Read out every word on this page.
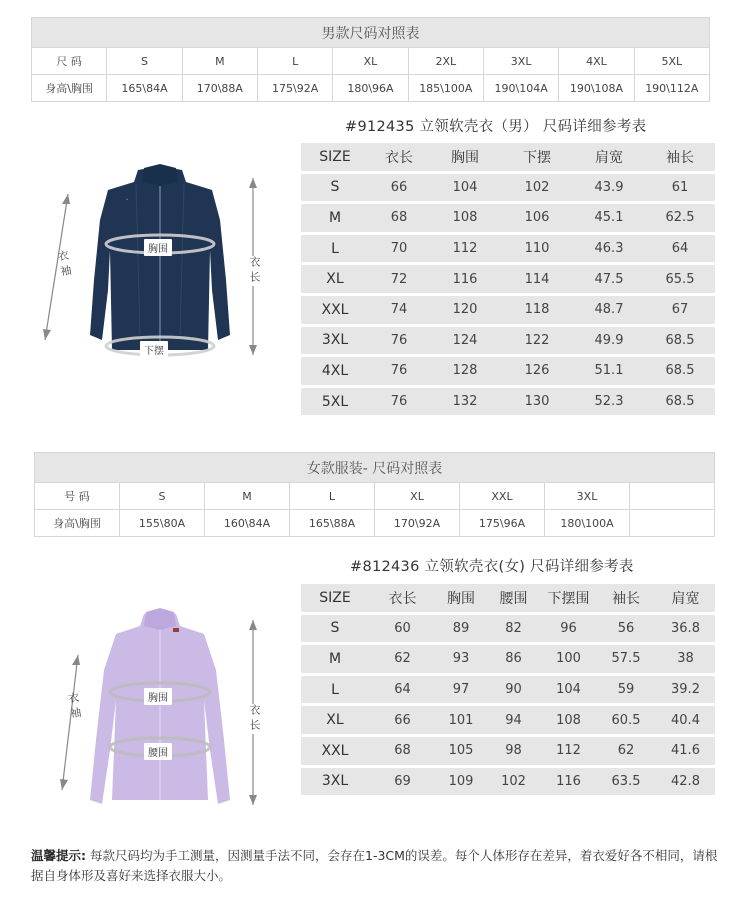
男款尺码对照表								
尺 码	S	M	L	XL	2XL	3XL	4XL	5XL
身高\胸围	165\84A	170\88A	175\92A	180\96A	185\100A	190\104A	190\108A	190\112A
#912435 立领软壳衣（男） 尺码详细参考表
ᐩ
胸围
下摆
衣袖	衣长
SIZE	衣长	胸围	下摆	肩宽	袖长
S	66	104	102	43.9	61
M	68	108	106	45.1	62.5
L	70	112	110	46.3	64
XL	72	116	114	47.5	65.5
XXL	74	120	118	48.7	67
3XL	76	124	122	49.9	68.5
4XL	76	128	126	51.1	68.5
5XL	76	132	130	52.3	68.5
女款服装- 尺码对照表							
号 码	S	M	L	XL	XXL	3XL	
身高\胸围	155\80A	160\84A	165\88A	170\92A	175\96A	180\100A	
#812436 立领软壳衣(女) 尺码详细参考表
胸围
腰围
衣袖	衣长
SIZE	衣长	胸围	腰围	下摆围	袖长	肩宽
S	60	89	82	96	56	36.8
M	62	93	86	100	57.5	38
L	64	97	90	104	59	39.2
XL	66	101	94	108	60.5	40.4
XXL	68	105	98	112	62	41.6
3XL	69	109	102	116	63.5	42.8
温馨提示: 每款尺码均为手工测量，因测量手法不同，会存在1-3CM的误差。每个人体形存在差异，着衣爱好各不相同，请根据自身体形及喜好来选择衣服大小。
